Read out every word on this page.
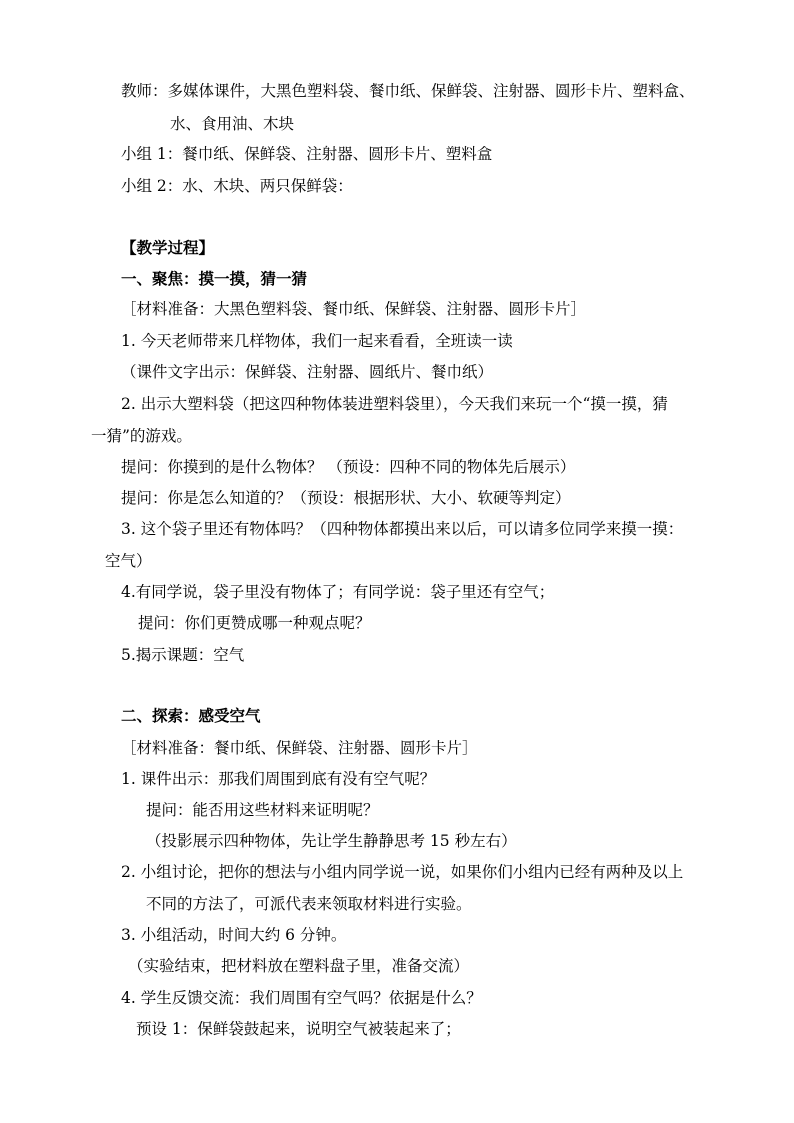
教师：多媒体课件，大黑色塑料袋、餐巾纸、保鲜袋、注射器、圆形卡片、塑料盒、
水、食用油、木块
小组 1：餐巾纸、保鲜袋、注射器、圆形卡片、塑料盒
小组 2：水、木块、两只保鲜袋：
【教学过程】
一、聚焦：摸一摸，猜一猜
［材料准备：大黑色塑料袋、餐巾纸、保鲜袋、注射器、圆形卡片］
1. 今天老师带来几样物体，我们一起来看看，全班读一读
（课件文字出示：保鲜袋、注射器、圆纸片、餐巾纸）
2. 出示大塑料袋（把这四种物体装进塑料袋里），今天我们来玩一个“摸一摸，猜
一猜”的游戏。
提问：你摸到的是什么物体？ （预设：四种不同的物体先后展示）
提问：你是怎么知道的？（预设：根据形状、大小、软硬等判定）
3. 这个袋子里还有物体吗？（四种物体都摸出来以后，可以请多位同学来摸一摸：
空气）
4.有同学说，袋子里没有物体了；有同学说：袋子里还有空气；
提问：你们更赞成哪一种观点呢？
5.揭示课题：空气
二、探索：感受空气
［材料准备：餐巾纸、保鲜袋、注射器、圆形卡片］
1. 课件出示：那我们周围到底有没有空气呢？
提问：能否用这些材料来证明呢？
（投影展示四种物体，先让学生静静思考 15 秒左右）
2. 小组讨论，把你的想法与小组内同学说一说，如果你们小组内已经有两种及以上
不同的方法了，可派代表来领取材料进行实验。
3. 小组活动，时间大约 6 分钟。
（实验结束，把材料放在塑料盘子里，准备交流）
4. 学生反馈交流：我们周围有空气吗？依据是什么？
预设 1：保鲜袋鼓起来，说明空气被装起来了；
